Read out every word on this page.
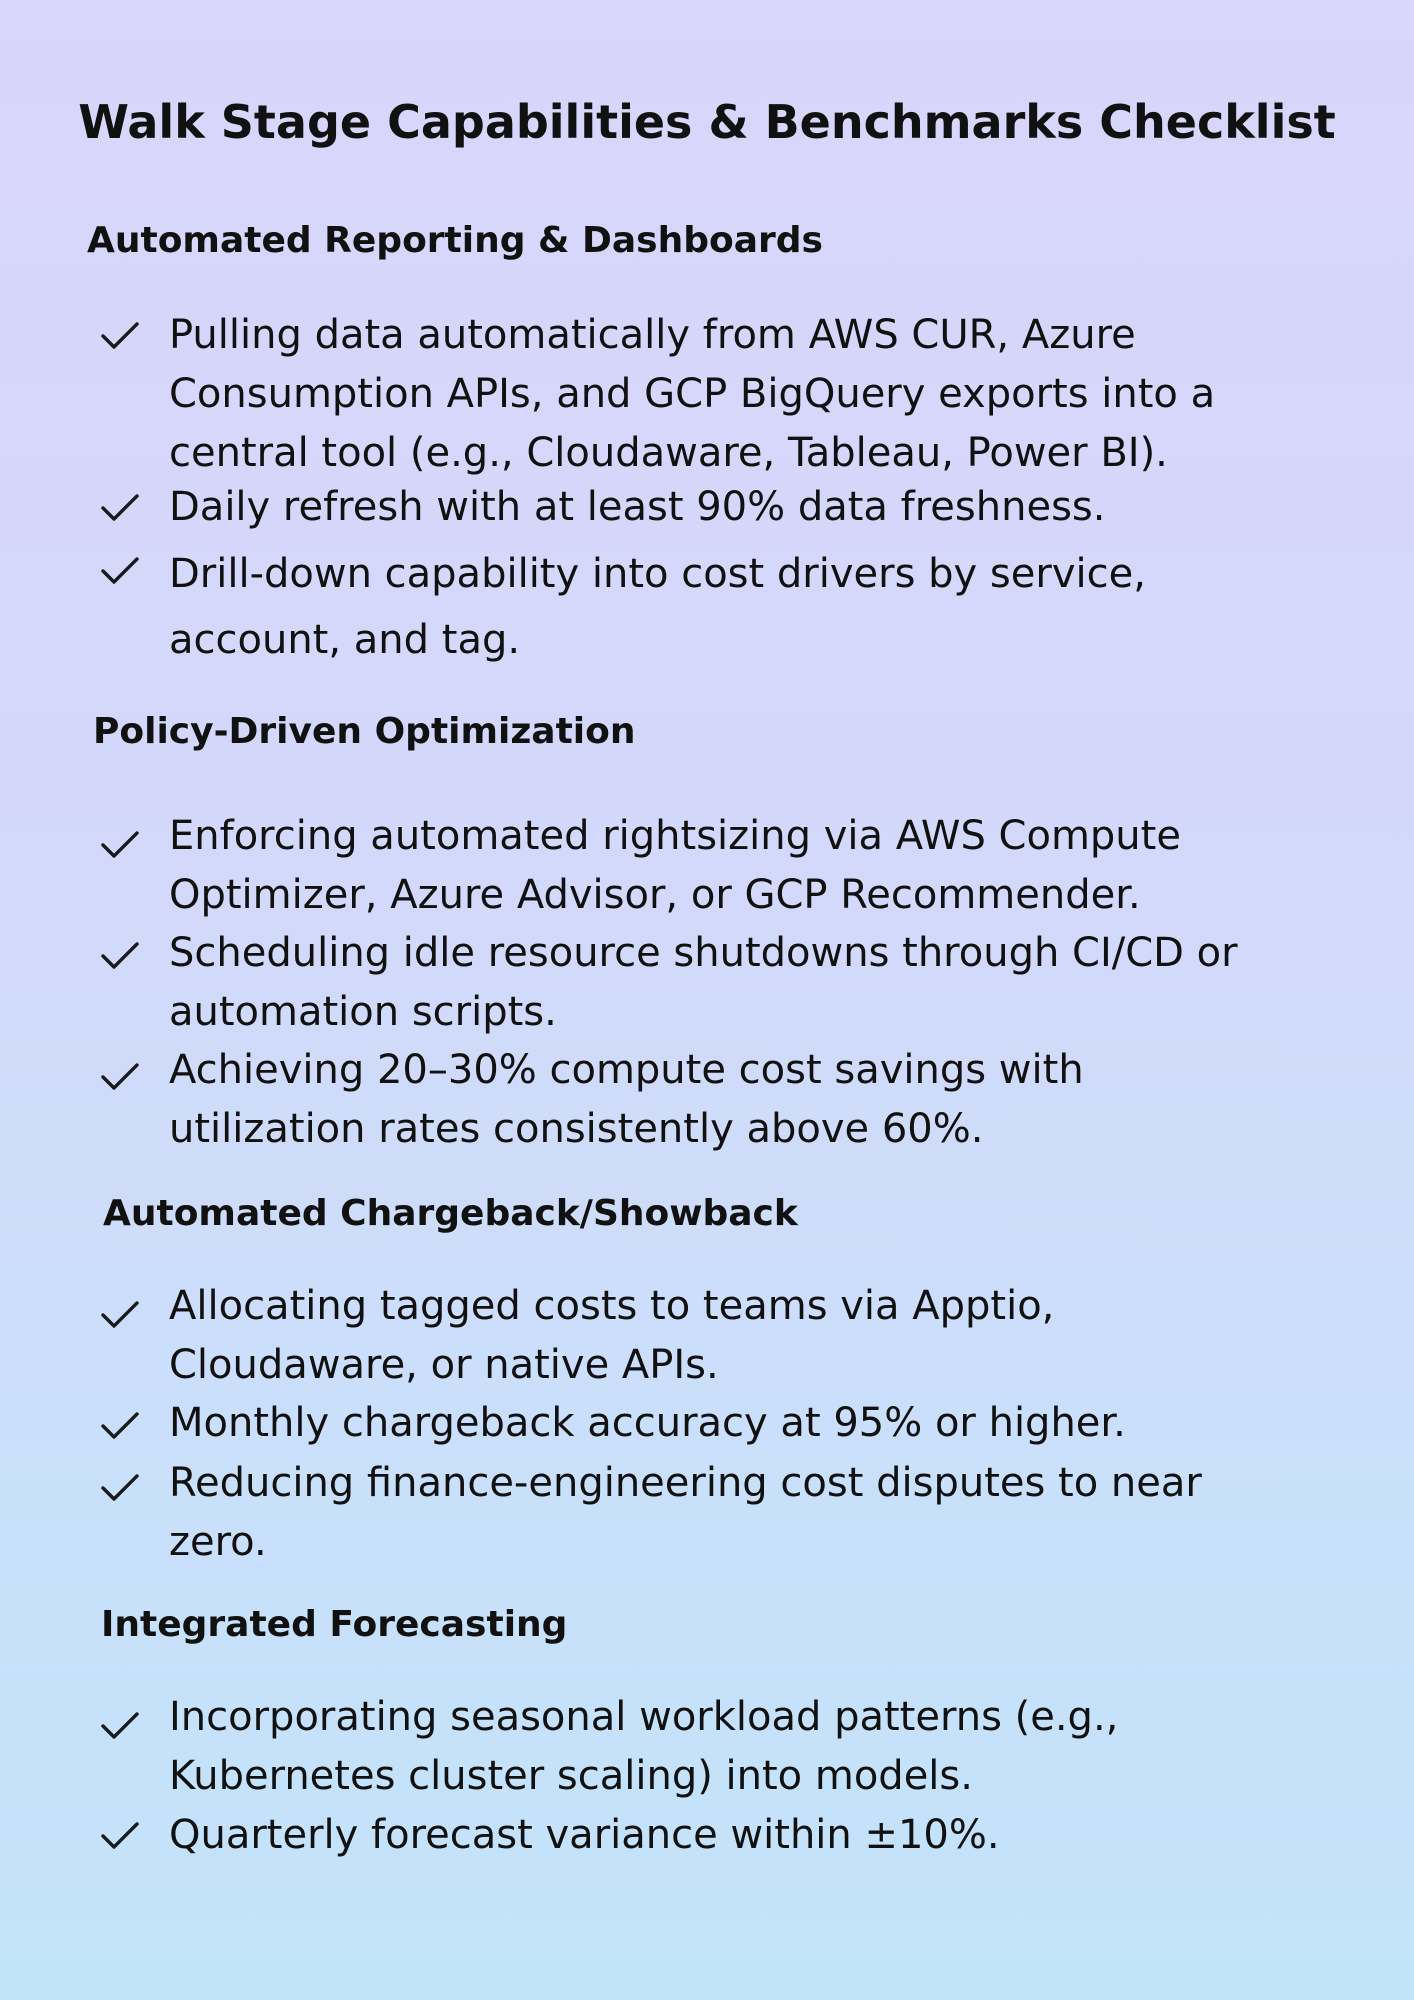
Walk Stage Capabilities & Benchmarks Checklist
Automated Reporting & Dashboards

Pulling data automatically from AWS CUR, Azure
Consumption APIs, and GCP BigQuery exports into a
central tool (e.g., Cloudaware, Tableau, Power BI).

Daily refresh with at least 90% data freshness.

Drill-down capability into cost drivers by service,
account, and tag.

Policy-Driven Optimization

Enforcing automated rightsizing via AWS Compute
Optimizer, Azure Advisor, or GCP Recommender.

Scheduling idle resource shutdowns through CI/CD or
automation scripts.

Achieving 20–30% compute cost savings with
utilization rates consistently above 60%.

Automated Chargeback/Showback

Allocating tagged costs to teams via Apptio,
Cloudaware, or native APIs.

Monthly chargeback accuracy at 95% or higher.

Reducing finance-engineering cost disputes to near
zero.

Integrated Forecasting

Incorporating seasonal workload patterns (e.g.,
Kubernetes cluster scaling) into models.

Quarterly forecast variance within ±10%.
